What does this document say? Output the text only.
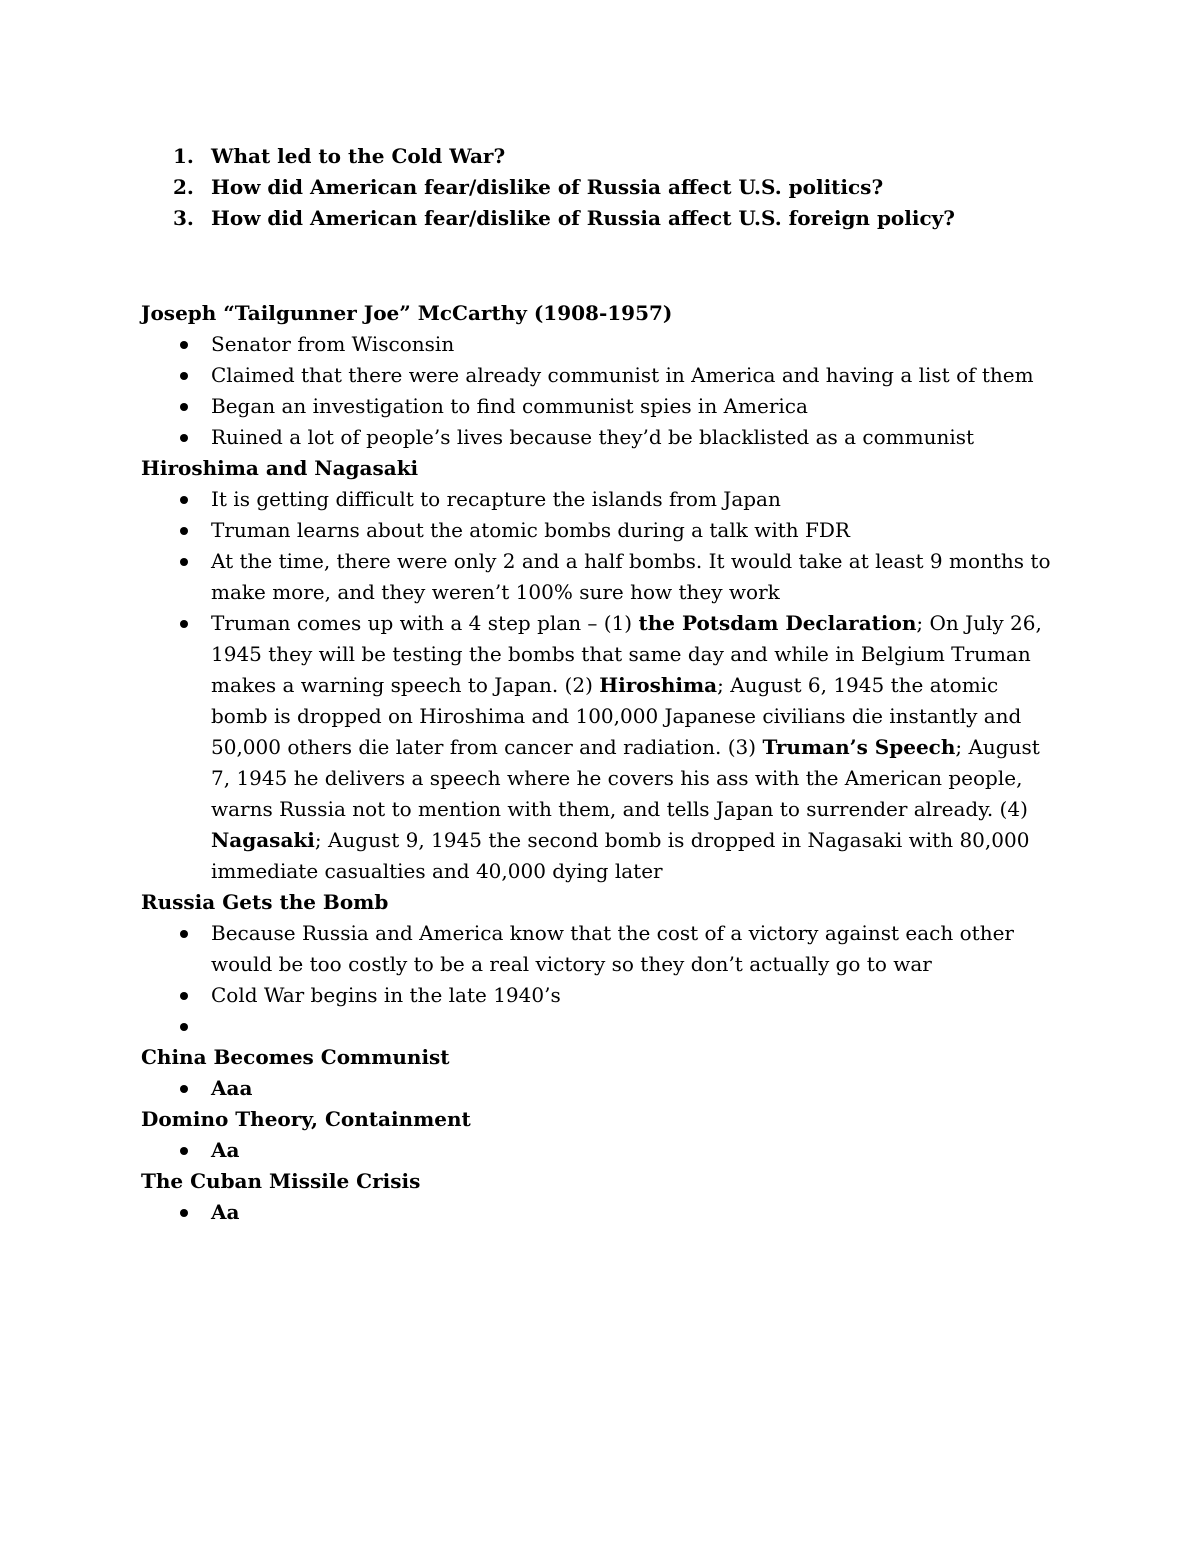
1. What led to the Cold War?
2. How did American fear/dislike of Russia affect U.S. politics?
3. How did American fear/dislike of Russia affect U.S. foreign policy?
Joseph “Tailgunner Joe” McCarthy (1908-1957)
Senator from Wisconsin
Claimed that there were already communist in America and having a list of them
Began an investigation to find communist spies in America
Ruined a lot of people’s lives because they’d be blacklisted as a communist
Hiroshima and Nagasaki
It is getting difficult to recapture the islands from Japan
Truman learns about the atomic bombs during a talk with FDR
At the time, there were only 2 and a half bombs. It would take at least 9 months to make more, and they weren’t 100% sure how they work
Truman comes up with a 4 step plan – (1) the Potsdam Declaration; On July 26, 1945 they will be testing the bombs that same day and while in Belgium Truman makes a warning speech to Japan. (2) Hiroshima; August 6, 1945 the atomic bomb is dropped on Hiroshima and 100,000 Japanese civilians die instantly and 50,000 others die later from cancer and radiation. (3) Truman’s Speech; August 7, 1945 he delivers a speech where he covers his ass with the American people, warns Russia not to mention with them, and tells Japan to surrender already. (4) Nagasaki; August 9, 1945 the second bomb is dropped in Nagasaki with 80,000 immediate casualties and 40,000 dying later
Russia Gets the Bomb
Because Russia and America know that the cost of a victory against each other would be too costly to be a real victory so they don’t actually go to war
Cold War begins in the late 1940’s
China Becomes Communist
Aaa
Domino Theory, Containment
Aa
The Cuban Missile Crisis
Aa
